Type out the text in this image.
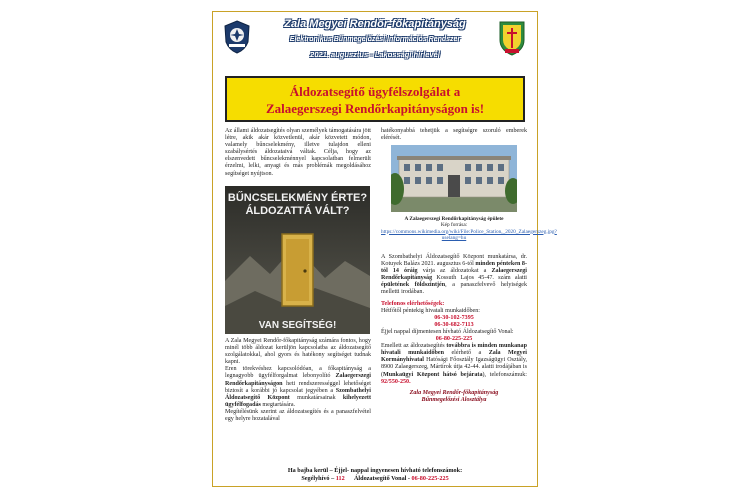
Zala Megyei Rendőr-főkapitányság
Elektronikus Bűnmegelőzési Információs Rendszer
2021. augusztus - Lakossági hírlevél
Áldozatsegítő ügyfélszolgálat a
Zalaegerszegi Rendőrkapitányságon is!
Az állami áldozatsegítés olyan személyek támogatására jött létre, akik akár közvetlenül, akár közvetett módon, valamely bűncselekmény, illetve tulajdon elleni szabálysértés áldozataivá váltak. Célja, hogy az elszenvedett bűncselekménnyel kapcsolatban felmerült érzelmi, lelki, anyagi és más problémák megoldásához segítséget nyújtson.
BŰNCSELEKMÉNY ÉRTE?
ÁLDOZATTÁ VÁLT?
VAN SEGÍTSÉG!
A Zala Megyei Rendőr-főkapitányság számára fontos, hogy minél több áldozat kerüljön kapcsolatba az áldozatsegítő szolgálatokkal, ahol gyors és hatékony segítséget tudnak kapni.
Eren törekvéshez kapcsolódóan, a főkapitányság a legnagyobb ügyfélforgalmat lebonyolító Zalaegerszegi Rendőrkapitányságon heti rendszerességgel lehetőséget biztosít a korábbi jó kapcsolat jegyében a Szombathelyi Áldozatsegítő Központ munkatársainak kihelyezett ügyfélfogadás megtartására.
Megítélésünk szerint az áldozatsegítés és a panaszfelvétel egy helyre hozatalával
hatékonyabbá tehetjük a segítségre szoruló emberek elérését.
A Zalaegerszegi Rendőrkapitányság épülete
Kép forrása:
https://commons.wikimedia.org/wiki/File:Police_Station,_2020_Zalaegerszeg.jpg?uselang=hu
A Szombathelyi Áldozatsegítő Központ munkatársa, dr. Kotuyek Balázs 2021. augusztus 6-tól minden pénteken 8-tól 14 óráig várja az áldozatokat a Zalaegerszegi Rendőrkapitányság Kossuth Lajos 45-47. szám alatti épületének földszintjén, a panaszfelvevő helyiségek melletti irodában.
Telefonos elérhetőségek:
Hétfőtől péntekig hivatali munkaidőben:
06-30-102-7395
06-30-682-7113
Éjjel nappal díjmentesen hívható Áldozatsegítő Vonal:
06-80-225-225
Emellett az áldozatsegítés továbbra is minden munkanap hivatali munkaidőben elérhető a Zala Megyei Kormányhivatal Hatósági Főosztály Igazságügyi Osztály, 8900 Zalaegerszeg, Mártírok útja 42-44. alatti irodájában is (Munkaügyi Központ hátsó bejárata), telefonszámuk: 92/550-250.
Zala Megyei Rendőr-főkapitányság
Bűnmegelőzési Alosztálya
Ha bajba kerül – Éjjel- nappal ingyenesen hívható telefonszámok:
Segélyhívó – 112 Áldozatsegítő Vonal - 06-80-225-225
